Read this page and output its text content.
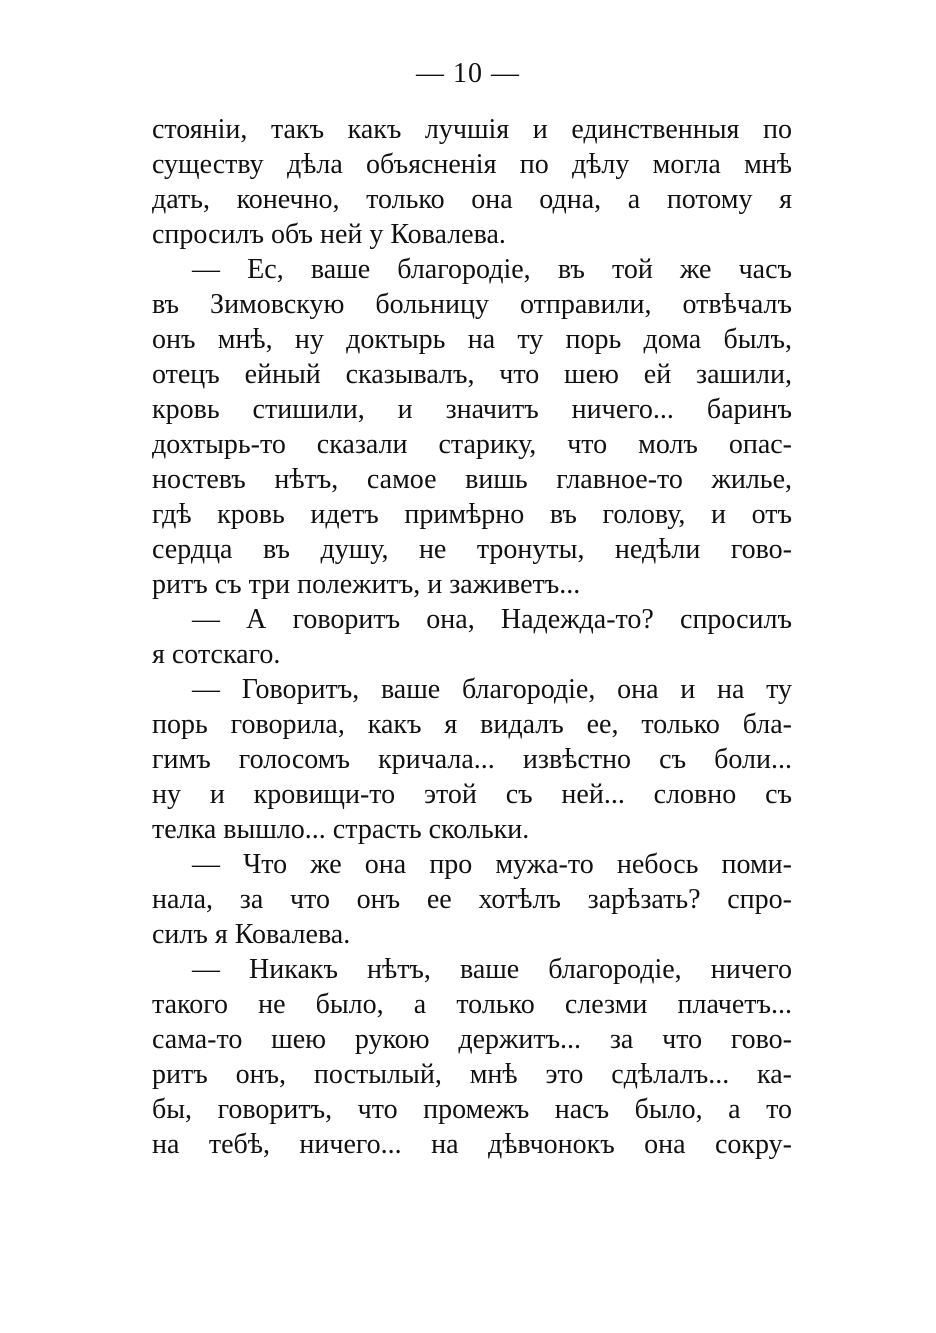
— 10 —
стоянiи, такъ какъ лучшiя и единственныя по
существу дѣла объясненiя по дѣлу могла мнѣ
дать, конечно, только она одна, а потому я
спросилъ объ ней у Ковалева.
— Ес, ваше благородiе, въ той же часъ
въ Зимовскую больницу отправили, отвѣчалъ
онъ мнѣ, ну доктырь на ту порь дома былъ,
отецъ ейный сказывалъ, что шею ей зашили,
кровь стишили, и значитъ ничего... баринъ
дохтырь-то сказали старику, что молъ опас-
ностевъ нѣтъ, самое вишь главное-то жилье,
гдѣ кровь идетъ примѣрно въ голову, и отъ
сердца въ душу, не тронуты, недѣли гово-
ритъ съ три полежитъ, и заживетъ...
— А говоритъ она, Надежда-то? спросилъ
я сотскаго.
— Говоритъ, ваше благородiе, она и на ту
порь говорила, какъ я видалъ ее, только бла-
гимъ голосомъ кричала... извѣстно съ боли...
ну и кровищи-то этой съ ней... словно съ
телка вышло... страсть скольки.
— Что же она про мужа-то небось поми-
нала, за что онъ ее хотѣлъ зарѣзать? спро-
силъ я Ковалева.
— Никакъ нѣтъ, ваше благородiе, ничего
такого не было, а только слезми плачетъ...
сама-то шею рукою держитъ... за что гово-
ритъ онъ, постылый, мнѣ это сдѣлалъ... ка-
бы, говоритъ, что промежъ насъ было, а то
на тебѣ, ничего... на дѣвчонокъ она сокру-
